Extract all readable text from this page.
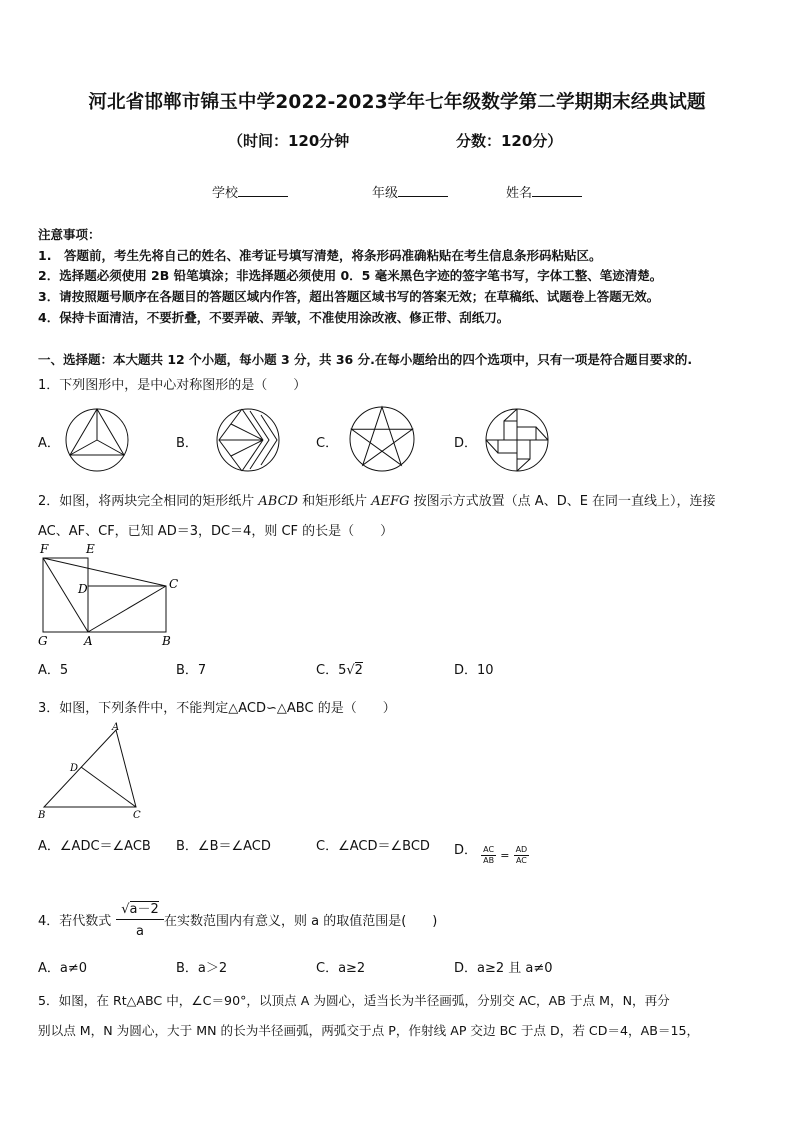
河北省邯郸市锦玉中学2022-2023学年七年级数学第二学期期末经典试题
（时间：120分钟	分数：120分）
学校	年级	姓名
注意事项：
1.　答题前，考生先将自己的姓名、准考证号填写清楚，将条形码准确粘贴在考生信息条形码粘贴区。
2．选择题必须使用 2B 铅笔填涂；非选择题必须使用 0．5 毫米黑色字迹的签字笔书写，字体工整、笔迹清楚。
3．请按照题号顺序在各题目的答题区域内作答，超出答题区域书写的答案无效；在草稿纸、试题卷上答题无效。
4．保持卡面清洁，不要折叠，不要弄破、弄皱，不准使用涂改液、修正带、刮纸刀。
一、选择题：本大题共 12 个小题，每小题 3 分，共 36 分.在每小题给出的四个选项中，只有一项是符合题目要求的.
1．下列图形中，是中心对称图形的是（　　）
A．	B．	C．	D．
2．如图，将两块完全相同的矩形纸片 ABCD 和矩形纸片 AEFG 按图示方式放置（点 A、D、E 在同一直线上），连接
AC、AF、CF，已知 AD＝3，DC＝4，则 CF 的长是（　　）
F	E
D	C
G	A	B
A．5	B．7	C．5√2	D．10
3．如图，下列条件中，不能判定△ACD∽△ABC 的是（　　）
A
D
B	C
A．∠ADC＝∠ACB B．∠B＝∠ACD	C．∠ACD＝∠BCD D． $\frac{AC}{AB} = \frac{AD}{AC}$
4．若代数式 $\frac{√a-2}{a}$ 在实数范围内有意义，则 a 的取值范围是(　　)
A．a≠0	B．a＞2	C．a≥2	D．a≥2 且 a≠0
5．如图，在 Rt△ABC 中，∠C＝90°，以顶点 A 为圆心，适当长为半径画弧，分别交 AC，AB 于点 M，N，再分
别以点 M，N 为圆心，大于 MN 的长为半径画弧，两弧交于点 P，作射线 AP 交边 BC 于点 D，若 CD＝4，AB＝15，
